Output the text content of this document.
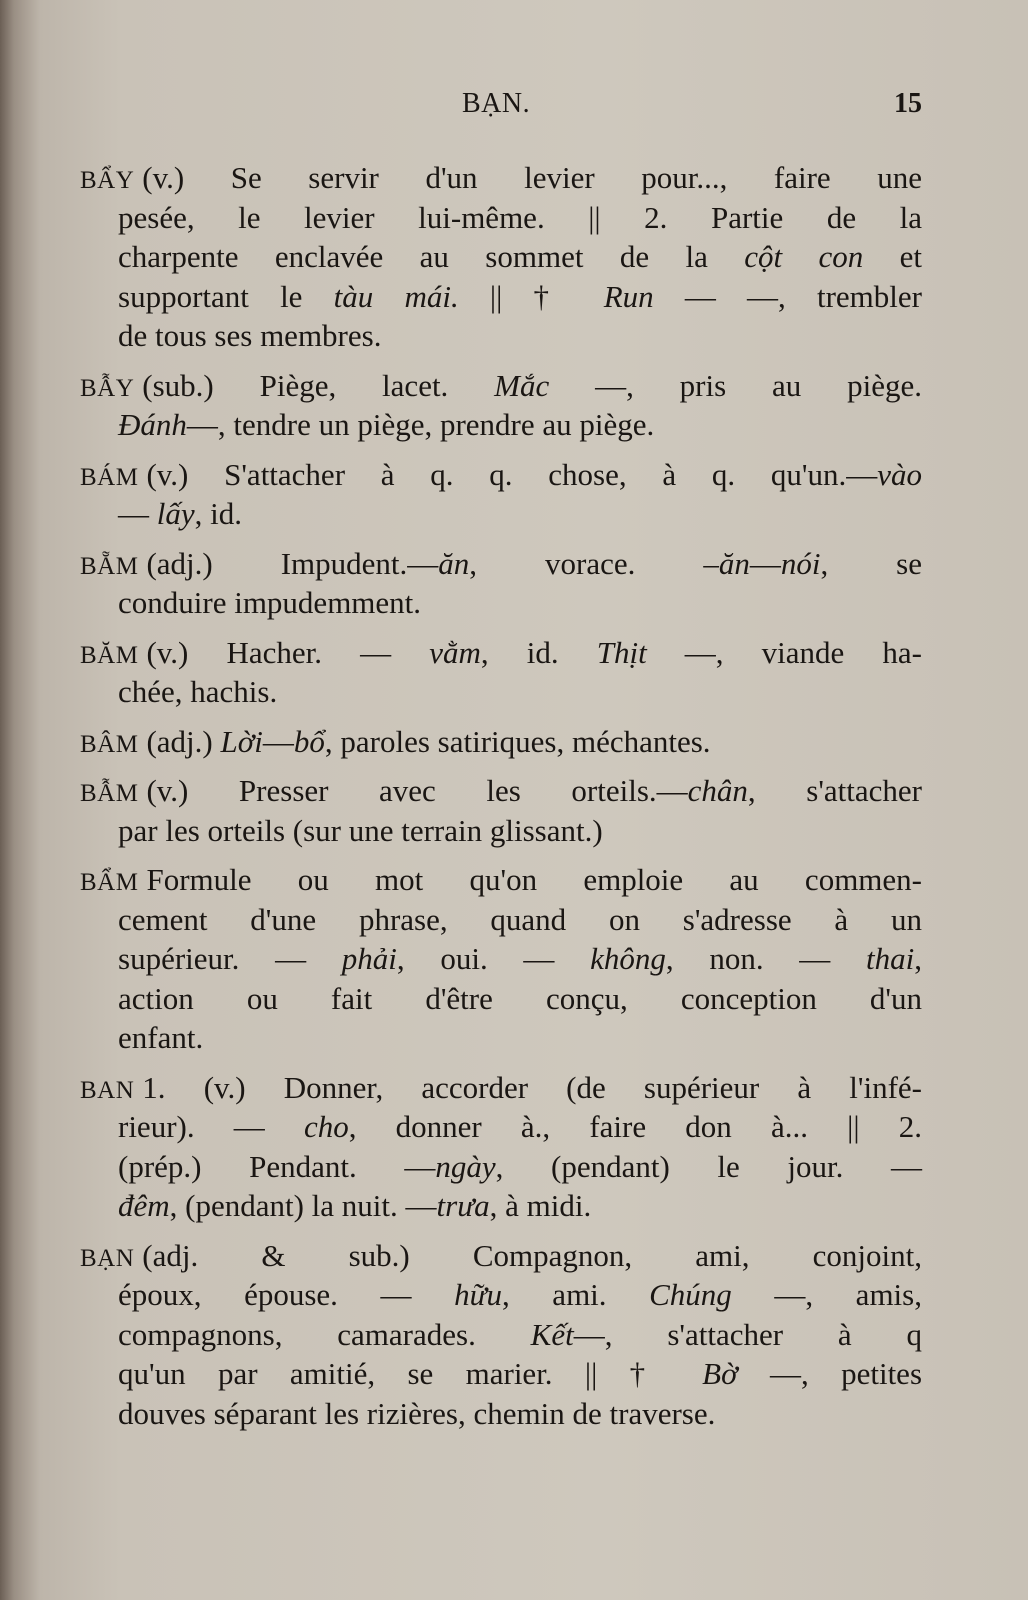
BẠN.	15
BẨY (v.) Se servir d'un levier pour..., faire une
pesée, le levier lui-même. || 2. Partie de la
charpente enclavée au sommet de la cột con et
supportant le tàu mái. || † Run — —, trembler
de tous ses membres.
BẪY (sub.) Piège, lacet. Mắc —, pris au piège.
Đánh—, tendre un piège, prendre au piège.
BÁM (v.) S'attacher à q. q. chose, à q. qu'un.—vào
— lấy, id.
BẴM (adj.) Impudent.—ăn, vorace. –ăn—nói, se
conduire impudemment.
BĂM (v.) Hacher. — vằm, id. Thịt —, viande ha-
chée, hachis.
BÂM (adj.) Lời—bổ, paroles satiriques, méchantes.
BẪM (v.) Presser avec les orteils.—chân, s'attacher
par les orteils (sur une terrain glissant.)
BẨM Formule ou mot qu'on emploie au commen-
cement d'une phrase, quand on s'adresse à un
supérieur. — phải, oui. — không, non. — thai,
action ou fait d'être conçu, conception d'un
enfant.
BAN 1. (v.) Donner, accorder (de supérieur à l'infé-
rieur). — cho, donner à., faire don à... || 2.
(prép.) Pendant. —ngày, (pendant) le jour. —
đêm, (pendant) la nuit. —trưa, à midi.
BẠN (adj. & sub.) Compagnon, ami, conjoint,
époux, épouse. — hữu, ami. Chúng —, amis,
compagnons, camarades. Kết—, s'attacher à q
qu'un par amitié, se marier. || † Bờ —, petites
douves séparant les rizières, chemin de traverse.
